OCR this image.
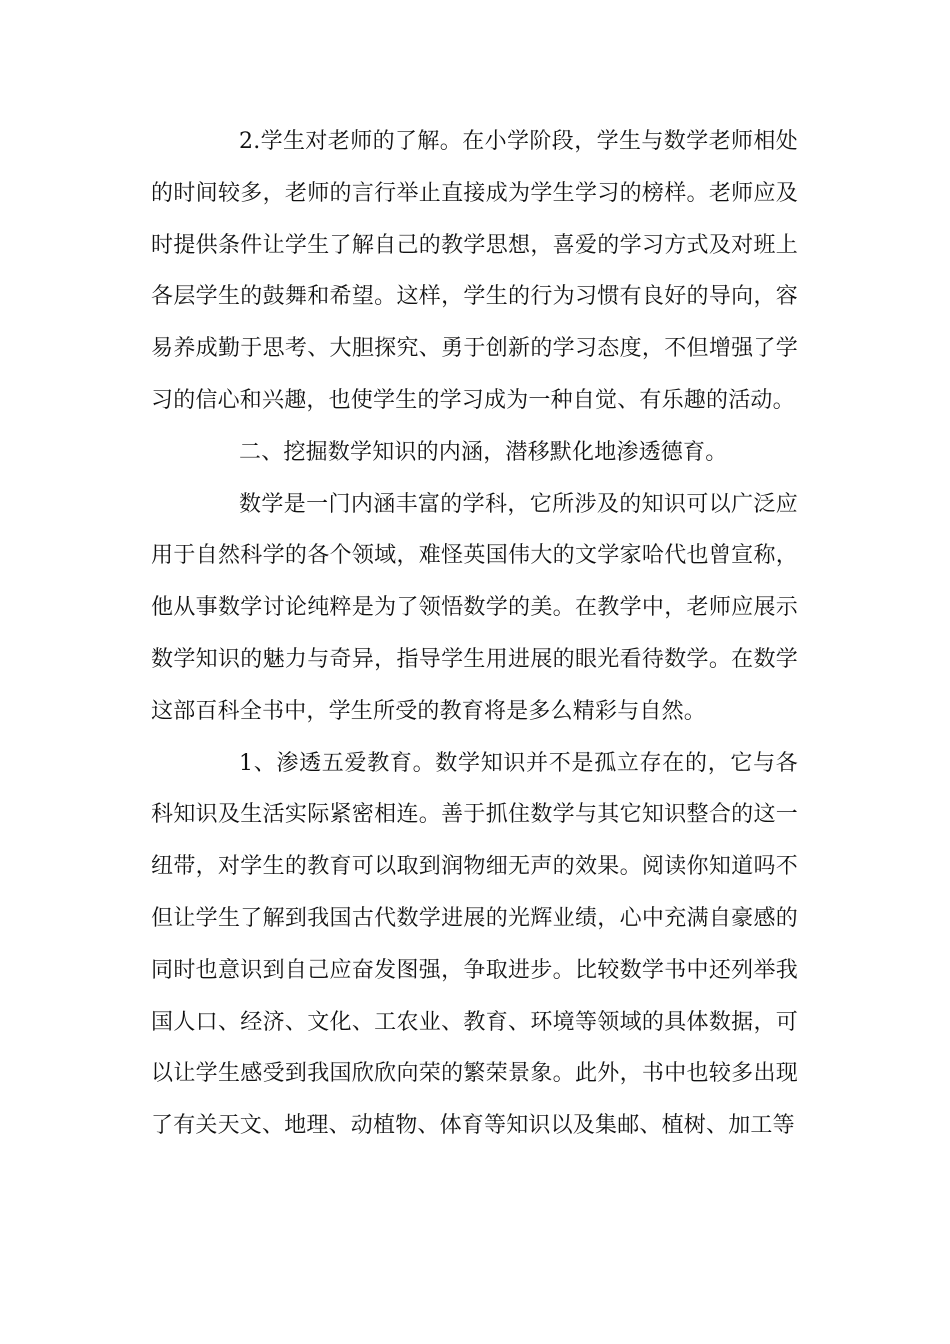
2.学生对老师的了解。在小学阶段，学生与数学老师相处的时间较多，老师的言行举止直接成为学生学习的榜样。老师应及时提供条件让学生了解自己的教学思想，喜爱的学习方式及对班上各层学生的鼓舞和希望。这样，学生的行为习惯有良好的导向，容易养成勤于思考、大胆探究、勇于创新的学习态度，不但增强了学习的信心和兴趣，也使学生的学习成为一种自觉、有乐趣的活动。

二、挖掘数学知识的内涵，潜移默化地渗透德育。

数学是一门内涵丰富的学科，它所涉及的知识可以广泛应用于自然科学的各个领域，难怪英国伟大的文学家哈代也曾宣称，他从事数学讨论纯粹是为了领悟数学的美。在教学中，老师应展示数学知识的魅力与奇异，指导学生用进展的眼光看待数学。在数学这部百科全书中，学生所受的教育将是多么精彩与自然。

1、渗透五爱教育。数学知识并不是孤立存在的，它与各科知识及生活实际紧密相连。善于抓住数学与其它知识整合的这一纽带，对学生的教育可以取到润物细无声的效果。阅读你知道吗不但让学生了解到我国古代数学进展的光辉业绩，心中充满自豪感的同时也意识到自己应奋发图强，争取进步。比较数学书中还列举我国人口、经济、文化、工农业、教育、环境等领域的具体数据，可以让学生感受到我国欣欣向荣的繁荣景象。此外，书中也较多出现了有关天文、地理、动植物、体育等知识以及集邮、植树、加工等
